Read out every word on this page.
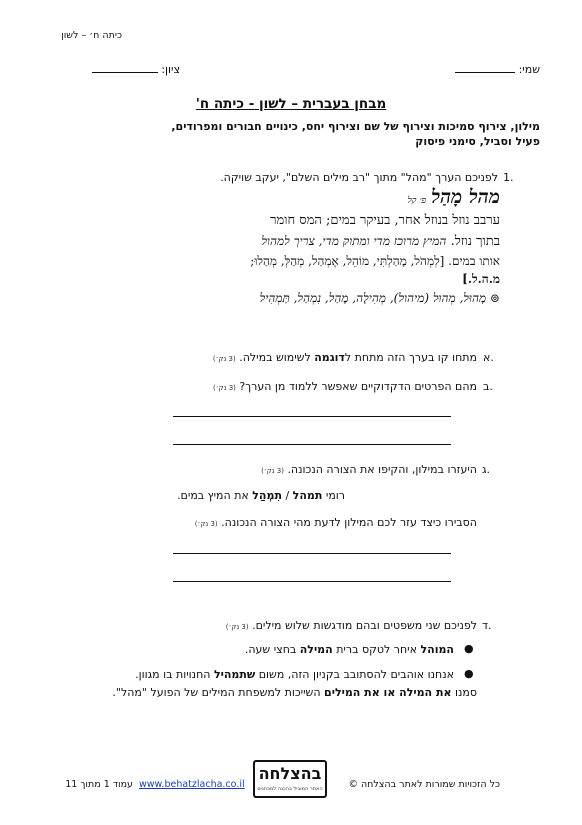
כיתה ח׳ – לשון
שמי:
ציון:
מבחן בעברית – לשון - כיתה ח'
מילון, צירוף סמיכות וצירוף של שם וצירוף יחס, כינויים חבורים ומפרודים,
פעיל וסביל, סימני פיסוק
1.
לפניכם הערך "מהל" מתוך "רב מילים השלם", יעקב שויקה.
מהל מָהַל פ׳ קל
ערבב נוזל בנוזל אחר, בעיקר במים; המס חומר
בתוך נוזל. המיץ מרוכז מדי ומתוק מדי, צריך למהול
אותו במים. [לְמְהֹל, מָהַלְתִּי, מוֹהֵל, אֶמְהַל, מְהַלְּ, מְהַלוּ;
מ.ה.ל.]
⊚ מָהוּל, מְהוּל (מיהול), מְהִילָה, מָהַל, נִמְהַל, תַּמְהִיל
א.
מתחו קו בערך הזה מתחת לדוגמה לשימוש במילה. (3 נק׳)
ב.
מהם הפרטים הדקדוקיים שאפשר ללמוד מן הערך? (3 נק׳)
ג.
היעזרו במילון, והקיפו את הצורה הנכונה. (3 נק׳)
רומי תמהל / תִמְהַל את המיץ במים.
הסבירו כיצד עזר לכם המילון לדעת מהי הצורה הנכונה. (3 נק׳)
ד.
לפניכם שני משפטים ובהם מודגשות שלוש מילים. (3 נק׳)
●
המוהל איחר לטקס ברית המילה בחצי שעה.
●
אנחנו אוהבים להסתובב בקניון הזה, משום שתמהיל החנויות בו מגוון.
סמנו את המילה או את המילים השייכות למשפחת המילים של הפועל "מהל".
כל הזכויות שמורות לאתר בהצלחה ©
בהצלחה
האתר המוביל בהכנה למבחנים
www.behatzlacha.co.il
עמוד 1 מתוך 11
